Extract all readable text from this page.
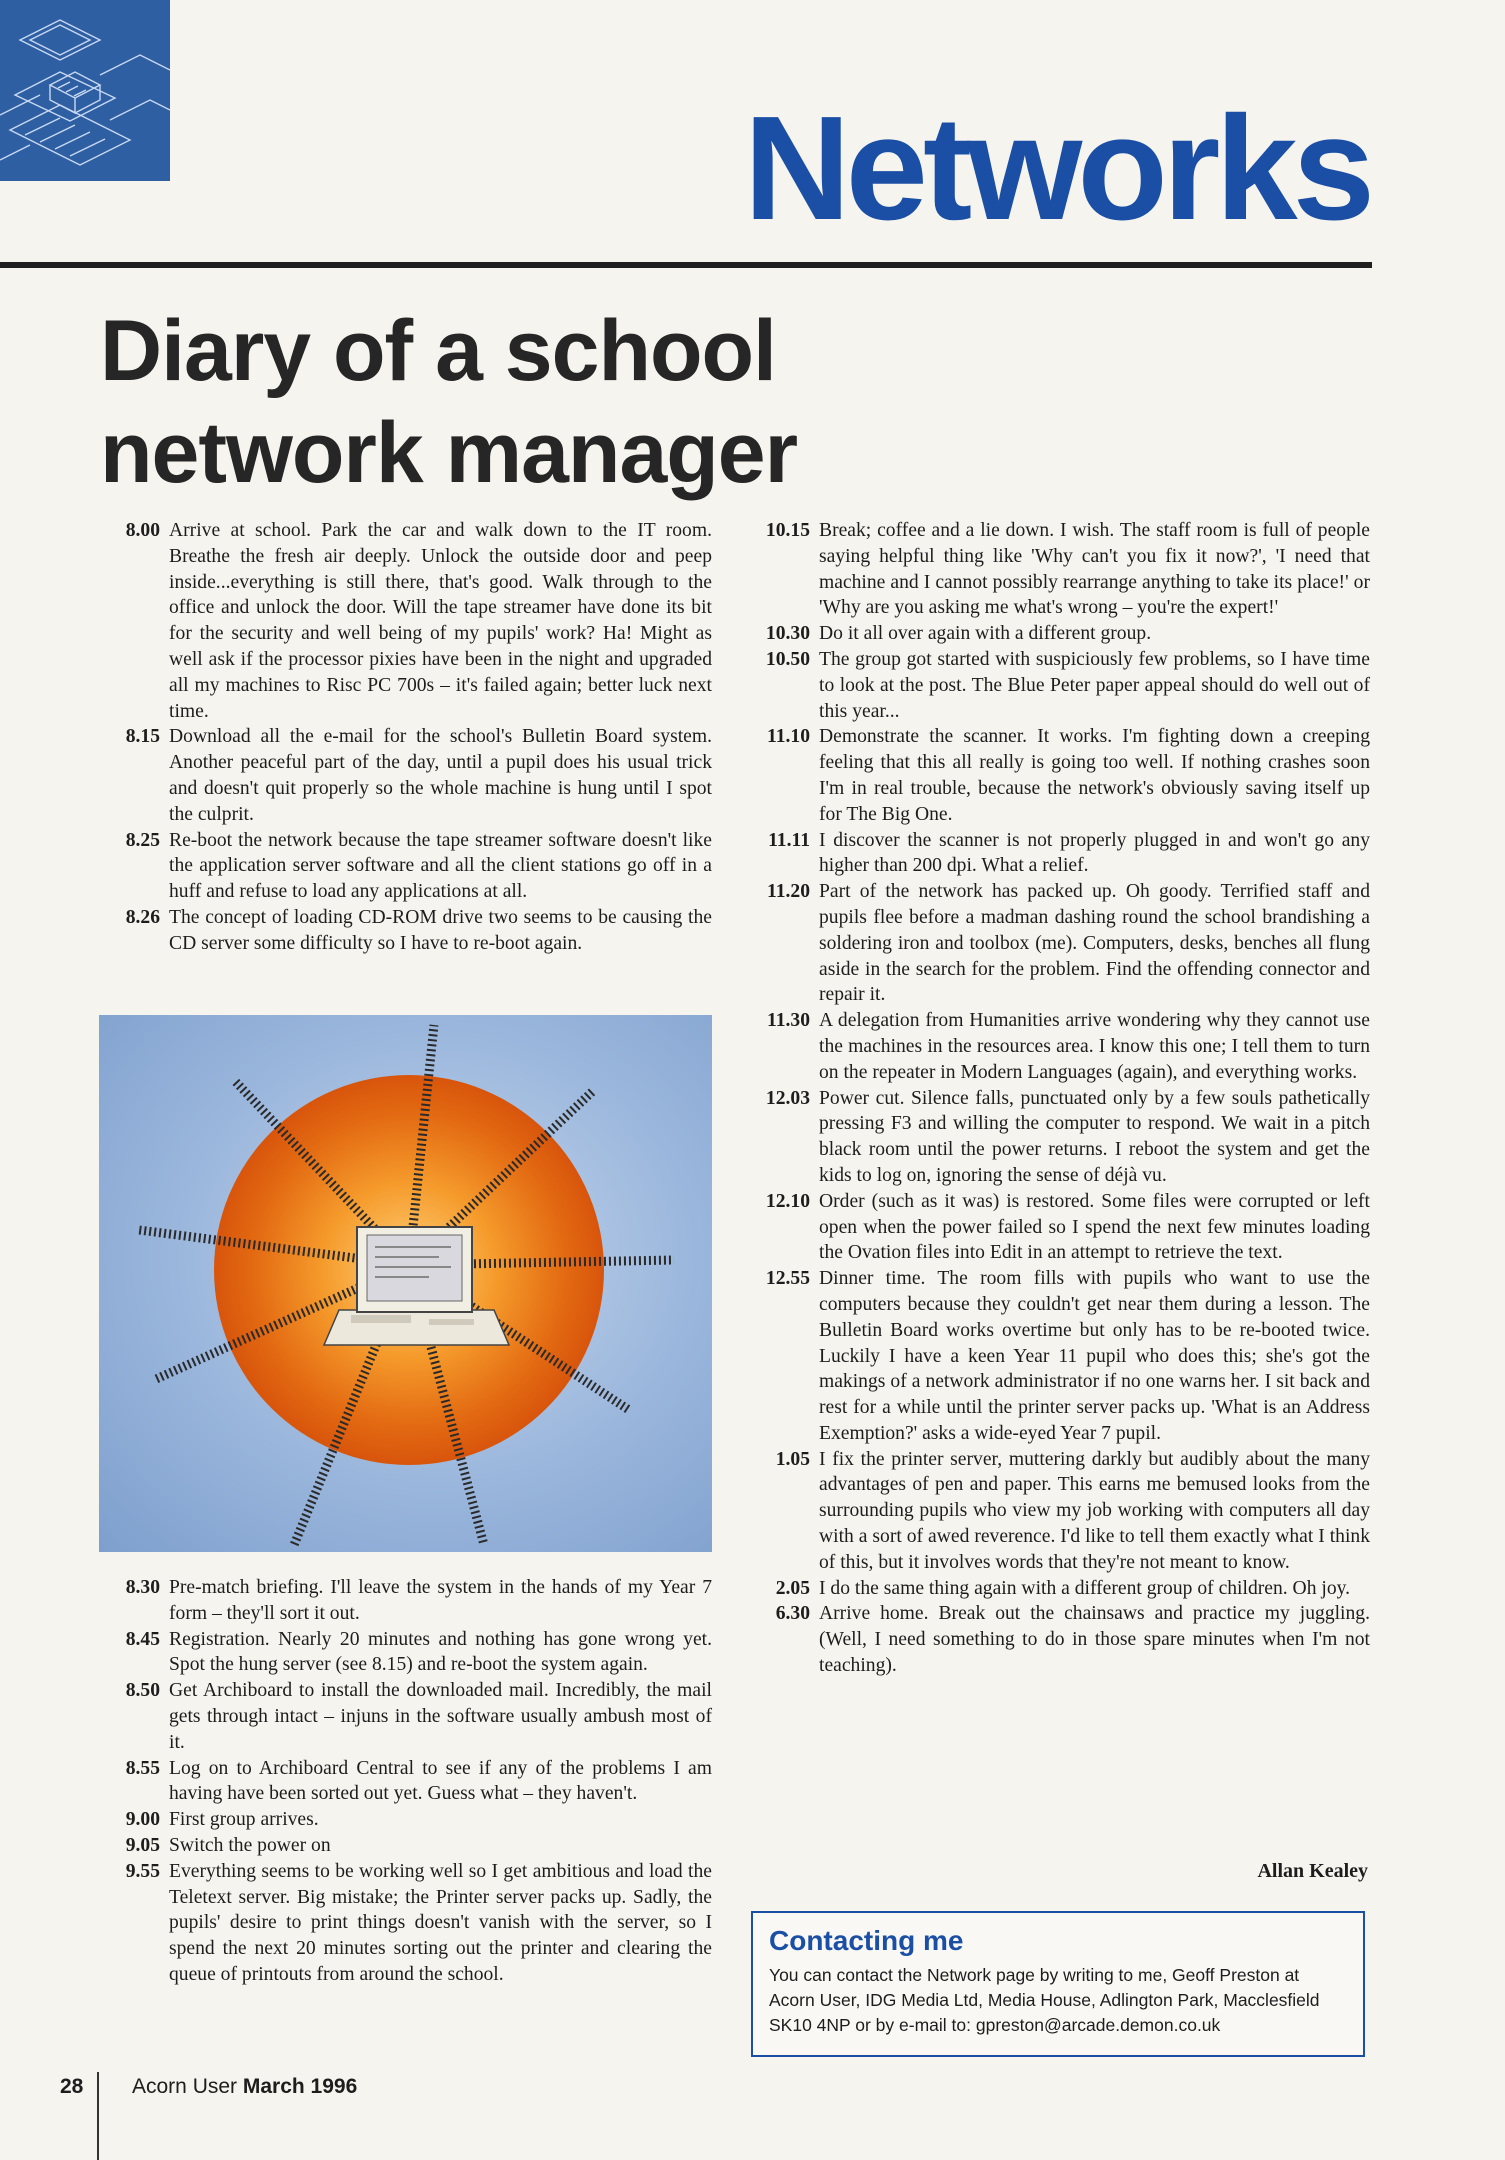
Networks
Diary of a school
network manager
8.00 Arrive at school. Park the car and walk down to the IT room. Breathe the fresh air deeply. Unlock the outside door and peep inside...everything is still there, that's good. Walk through to the office and unlock the door. Will the tape streamer have done its bit for the security and well being of my pupils' work? Ha! Might as well ask if the processor pixies have been in the night and upgraded all my machines to Risc PC 700s – it's failed again; better luck next time.
8.15 Download all the e-mail for the school's Bulletin Board system. Another peaceful part of the day, until a pupil does his usual trick and doesn't quit properly so the whole machine is hung until I spot the culprit.
8.25 Re-boot the network because the tape streamer software doesn't like the application server software and all the client stations go off in a huff and refuse to load any applications at all.
8.26 The concept of loading CD-ROM drive two seems to be causing the CD server some difficulty so I have to re-boot again.
8.30 Pre-match briefing. I'll leave the system in the hands of my Year 7 form – they'll sort it out.
8.45 Registration. Nearly 20 minutes and nothing has gone wrong yet. Spot the hung server (see 8.15) and re-boot the system again.
8.50 Get Archiboard to install the downloaded mail. Incredibly, the mail gets through intact – injuns in the software usually ambush most of it.
8.55 Log on to Archiboard Central to see if any of the problems I am having have been sorted out yet. Guess what – they haven't.
9.00 First group arrives.
9.05 Switch the power on
9.55 Everything seems to be working well so I get ambitious and load the Teletext server. Big mistake; the Printer server packs up. Sadly, the pupils' desire to print things doesn't vanish with the server, so I spend the next 20 minutes sorting out the printer and clearing the queue of printouts from around the school.
10.15 Break; coffee and a lie down. I wish. The staff room is full of people saying helpful thing like 'Why can't you fix it now?', 'I need that machine and I cannot possibly rearrange anything to take its place!' or 'Why are you asking me what's wrong – you're the expert!'
10.30 Do it all over again with a different group.
10.50 The group got started with suspiciously few problems, so I have time to look at the post. The Blue Peter paper appeal should do well out of this year...
11.10 Demonstrate the scanner. It works. I'm fighting down a creeping feeling that this all really is going too well. If nothing crashes soon I'm in real trouble, because the network's obviously saving itself up for The Big One.
11.11 I discover the scanner is not properly plugged in and won't go any higher than 200 dpi. What a relief.
11.20 Part of the network has packed up. Oh goody. Terrified staff and pupils flee before a madman dashing round the school brandishing a soldering iron and toolbox (me). Computers, desks, benches all flung aside in the search for the problem. Find the offending connector and repair it.
11.30 A delegation from Humanities arrive wondering why they cannot use the machines in the resources area. I know this one; I tell them to turn on the repeater in Modern Languages (again), and everything works.
12.03 Power cut. Silence falls, punctuated only by a few souls pathetically pressing F3 and willing the computer to respond. We wait in a pitch black room until the power returns. I reboot the system and get the kids to log on, ignoring the sense of déjà vu.
12.10 Order (such as it was) is restored. Some files were corrupted or left open when the power failed so I spend the next few minutes loading the Ovation files into Edit in an attempt to retrieve the text.
12.55 Dinner time. The room fills with pupils who want to use the computers because they couldn't get near them during a lesson. The Bulletin Board works overtime but only has to be re-booted twice. Luckily I have a keen Year 11 pupil who does this; she's got the makings of a network administrator if no one warns her. I sit back and rest for a while until the printer server packs up. 'What is an Address Exemption?' asks a wide-eyed Year 7 pupil.
1.05 I fix the printer server, muttering darkly but audibly about the many advantages of pen and paper. This earns me bemused looks from the surrounding pupils who view my job working with computers all day with a sort of awed reverence. I'd like to tell them exactly what I think of this, but it involves words that they're not meant to know.
2.05 I do the same thing again with a different group of children. Oh joy.
6.30 Arrive home. Break out the chainsaws and practice my juggling. (Well, I need something to do in those spare minutes when I'm not teaching).
Allan Kealey
Contacting me
You can contact the Network page by writing to me, Geoff Preston at Acorn User, IDG Media Ltd, Media House, Adlington Park, Macclesfield SK10 4NP or by e-mail to: gpreston@arcade.demon.co.uk
28 Acorn User March 1996
